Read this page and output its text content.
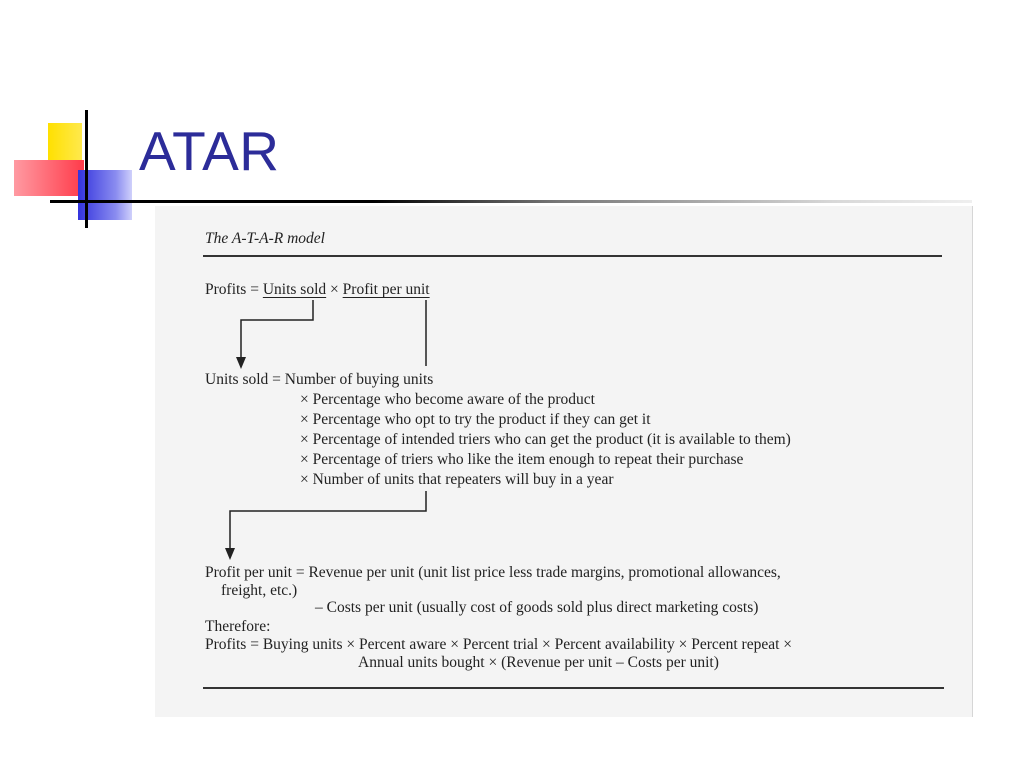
ATAR
The A-T-A-R model
Profits = Units sold × Profit per unit
Units sold = Number of buying units
× Percentage who become aware of the product
× Percentage who opt to try the product if they can get it
× Percentage of intended triers who can get the product (it is available to them)
× Percentage of triers who like the item enough to repeat their purchase
× Number of units that repeaters will buy in a year
Profit per unit = Revenue per unit (unit list price less trade margins, promotional allowances,
freight, etc.)
– Costs per unit (usually cost of goods sold plus direct marketing costs)
Therefore:
Profits = Buying units × Percent aware × Percent trial × Percent availability × Percent repeat ×
Annual units bought × (Revenue per unit – Costs per unit)
